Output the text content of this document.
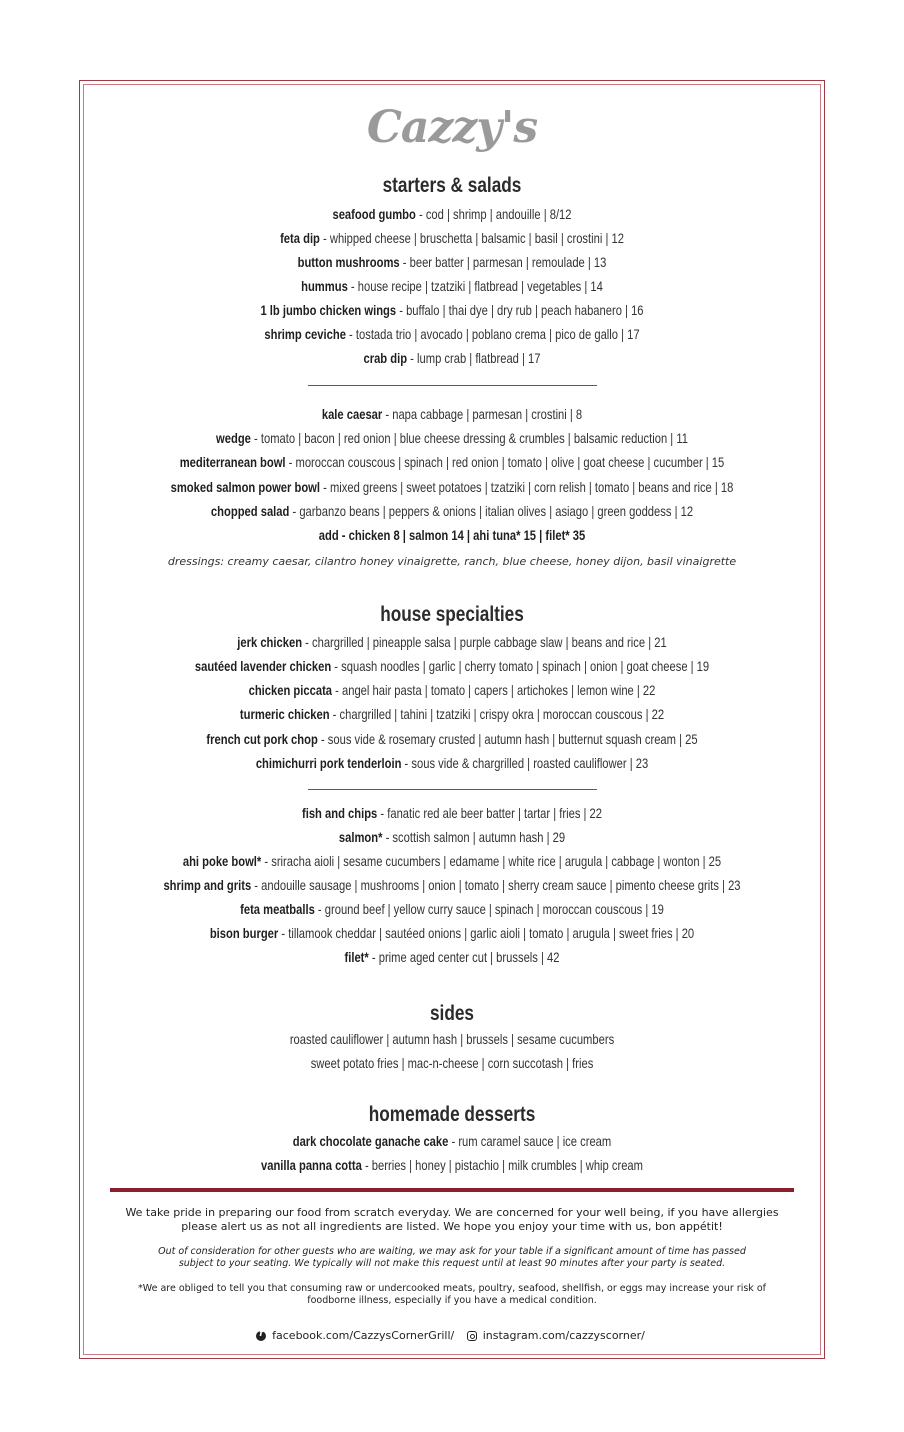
Cazzy's
starters & salads
seafood gumbo - cod | shrimp | andouille | 8/12
feta dip - whipped cheese | bruschetta | balsamic | basil | crostini | 12
button mushrooms - beer batter | parmesan | remoulade | 13
hummus - house recipe | tzatziki | flatbread | vegetables | 14
1 lb jumbo chicken wings - buffalo | thai dye | dry rub | peach habanero | 16
shrimp ceviche - tostada trio | avocado | poblano crema | pico de gallo | 17
crab dip - lump crab | flatbread | 17
kale caesar - napa cabbage | parmesan | crostini | 8
wedge - tomato | bacon | red onion | blue cheese dressing & crumbles | balsamic reduction | 11
mediterranean bowl - moroccan couscous | spinach | red onion | tomato | olive | goat cheese | cucumber | 15
smoked salmon power bowl - mixed greens | sweet potatoes | tzatziki | corn relish | tomato | beans and rice | 18
chopped salad - garbanzo beans | peppers & onions | italian olives | asiago | green goddess | 12
add - chicken 8 | salmon 14 | ahi tuna* 15 | filet* 35
dressings: creamy caesar, cilantro honey vinaigrette, ranch, blue cheese, honey dijon, basil vinaigrette
house specialties
jerk chicken - chargrilled | pineapple salsa | purple cabbage slaw | beans and rice | 21
sautéed lavender chicken - squash noodles | garlic | cherry tomato | spinach | onion | goat cheese | 19
chicken piccata - angel hair pasta | tomato | capers | artichokes | lemon wine | 22
turmeric chicken - chargrilled | tahini | tzatziki | crispy okra | moroccan couscous | 22
french cut pork chop - sous vide & rosemary crusted | autumn hash | butternut squash cream | 25
chimichurri pork tenderloin - sous vide & chargrilled | roasted cauliflower | 23
fish and chips - fanatic red ale beer batter | tartar | fries | 22
salmon* - scottish salmon | autumn hash | 29
ahi poke bowl* - sriracha aioli | sesame cucumbers | edamame | white rice | arugula | cabbage | wonton | 25
shrimp and grits - andouille sausage | mushrooms | onion | tomato | sherry cream sauce | pimento cheese grits | 23
feta meatballs - ground beef | yellow curry sauce | spinach | moroccan couscous | 19
bison burger - tillamook cheddar | sautéed onions | garlic aioli | tomato | arugula | sweet fries | 20
filet* - prime aged center cut | brussels | 42
sides
roasted cauliflower | autumn hash | brussels | sesame cucumbers
sweet potato fries | mac-n-cheese | corn succotash | fries
homemade desserts
dark chocolate ganache cake - rum caramel sauce | ice cream
vanilla panna cotta - berries | honey | pistachio | milk crumbles | whip cream
We take pride in preparing our food from scratch everyday. We are concerned for your well being, if you have allergies please alert us as not all ingredients are listed. We hope you enjoy your time with us, bon appétit!
Out of consideration for other guests who are waiting, we may ask for your table if a significant amount of time has passed subject to your seating. We typically will not make this request until at least 90 minutes after your party is seated.
*We are obliged to tell you that consuming raw or undercooked meats, poultry, seafood, shellfish, or eggs may increase your risk of foodborne illness, especially if you have a medical condition.
f
facebook.com/CazzysCornerGrill/
	instagram.com/cazzyscorner/
